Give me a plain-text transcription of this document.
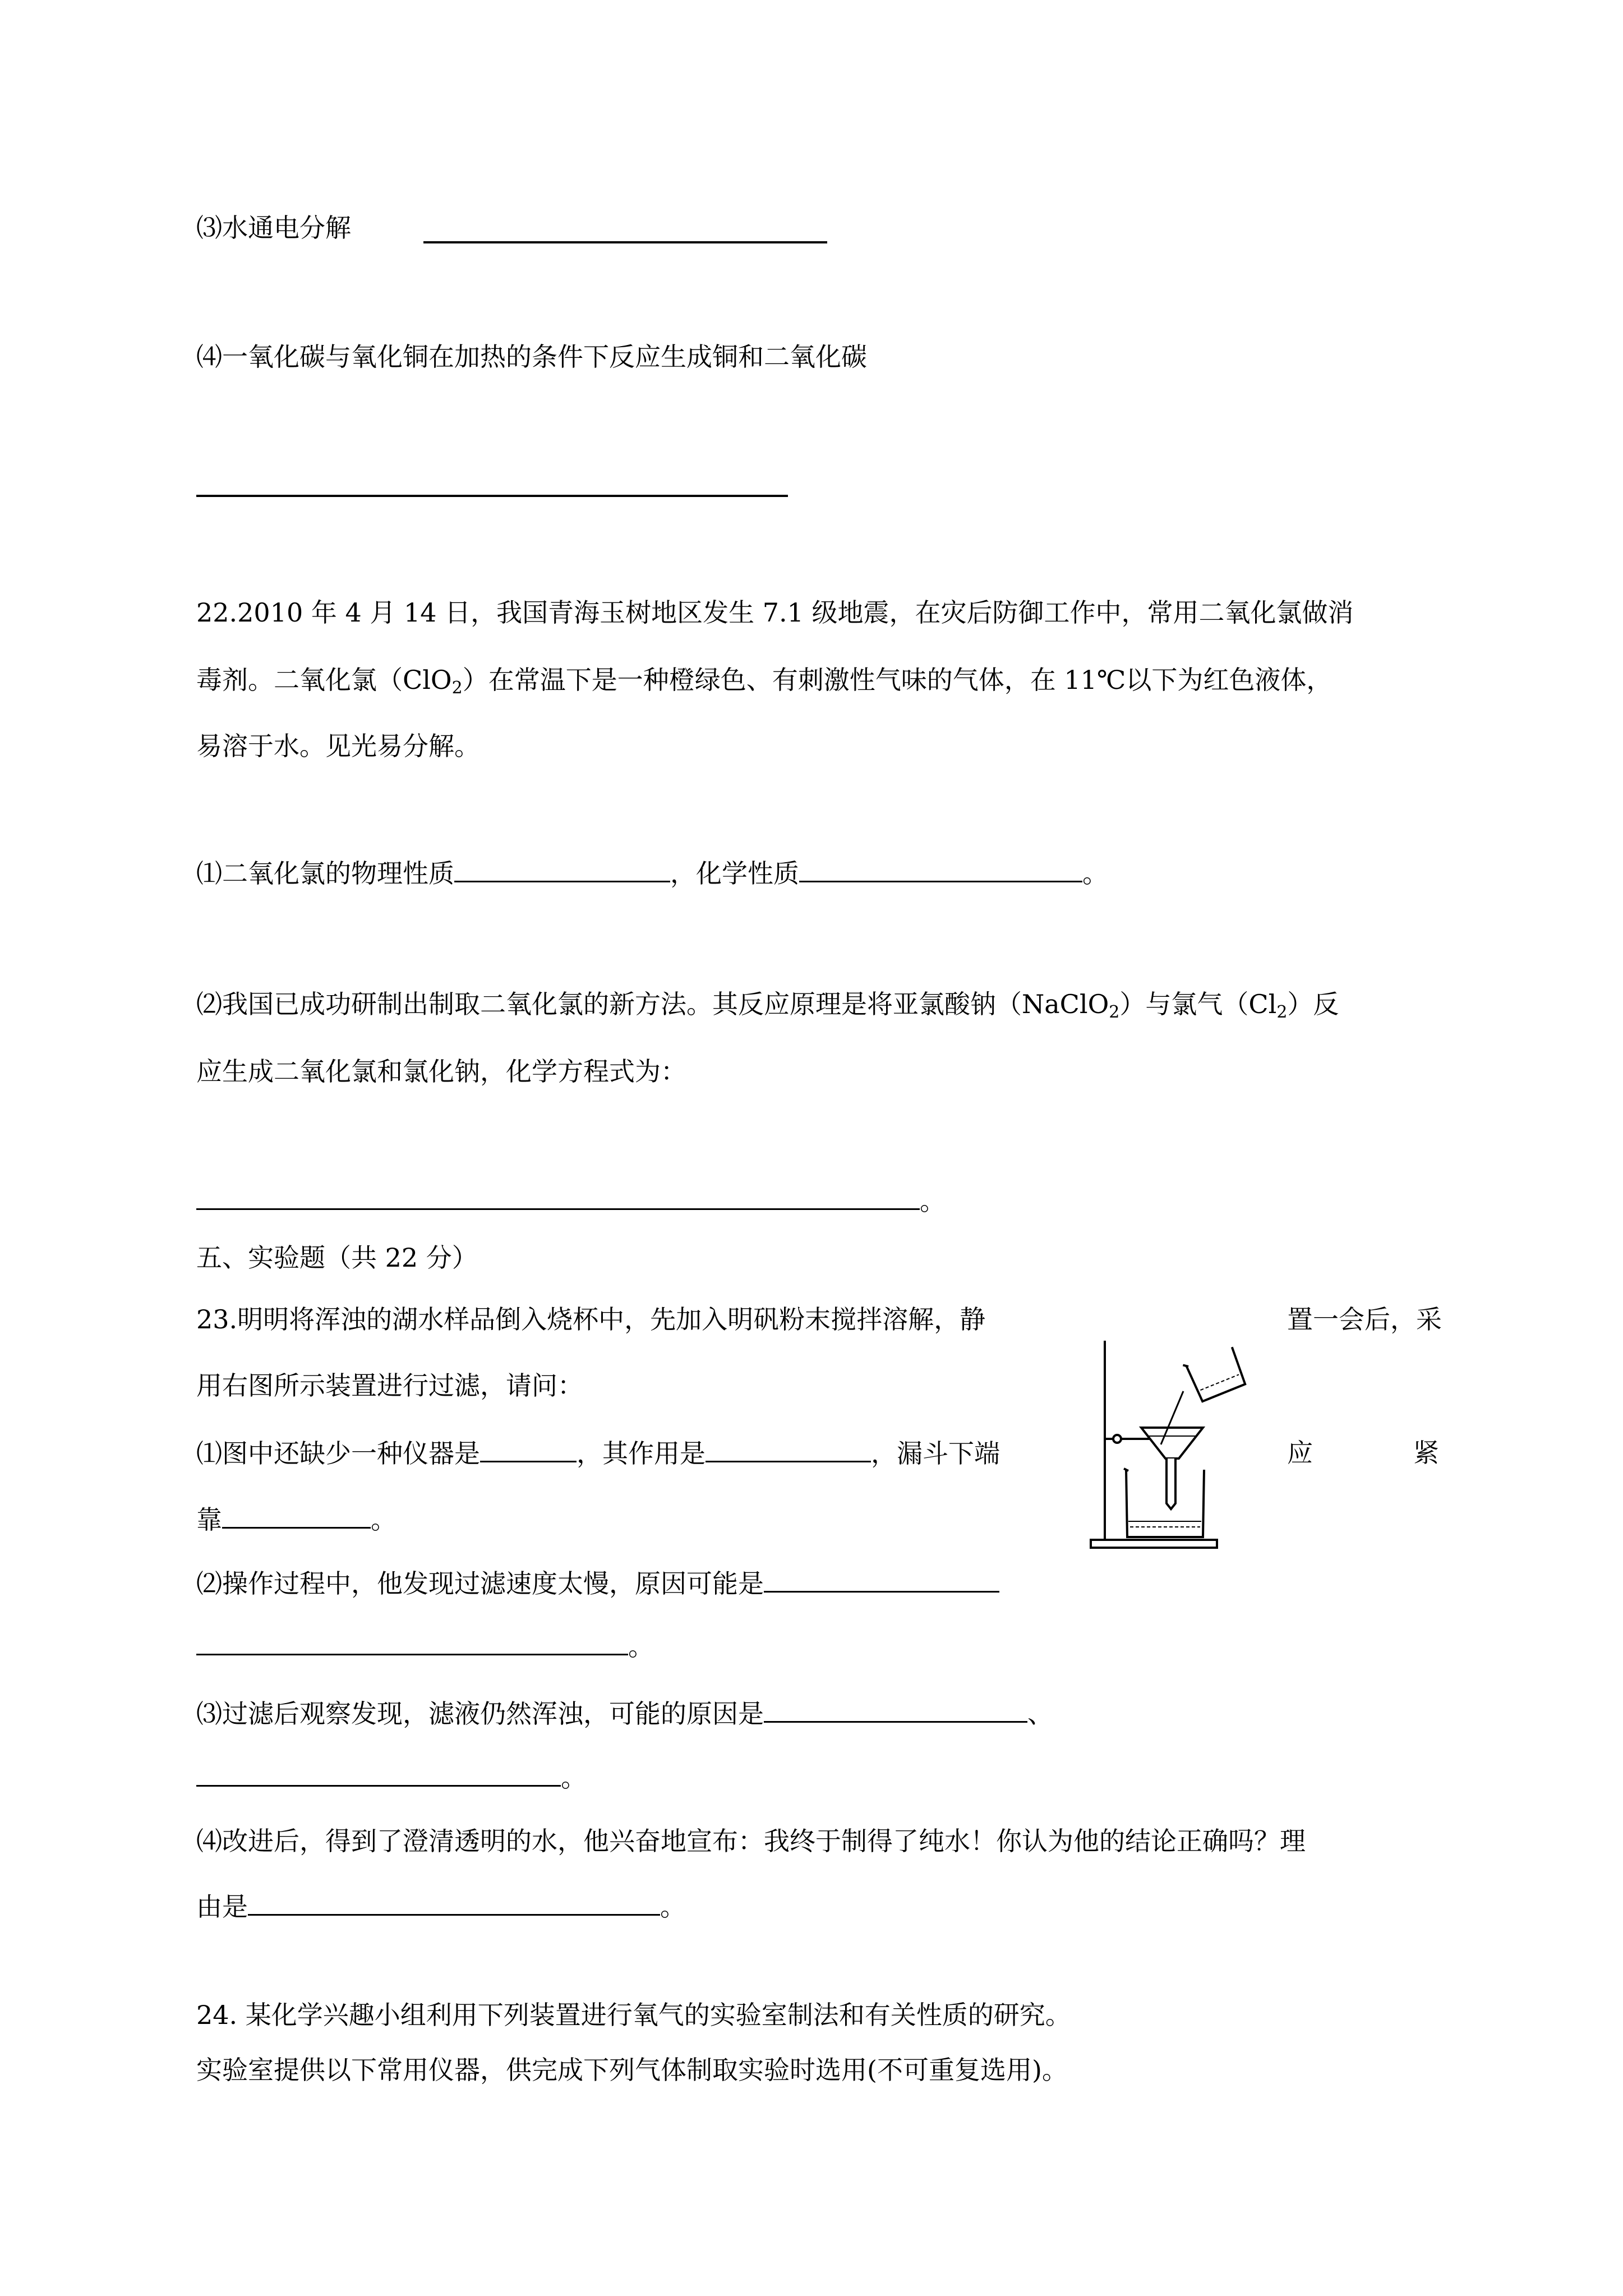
⑶水通电分解
⑷一氧化碳与氧化铜在加热的条件下反应生成铜和二氧化碳
22.2010 年 4 月 14 日，我国青海玉树地区发生 7.1 级地震，在灾后防御工作中，常用二氧化氯做消
毒剂。二氧化氯（ClO$_2$）在常温下是一种橙绿色、有刺激性气味的气体，在 11℃以下为红色液体，
易溶于水。见光易分解。
⑴二氧化氯的物理性质	，化学性质	。
⑵我国已成功研制出制取二氧化氯的新方法。其反应原理是将亚氯酸钠（NaClO$_2$）与氯气$(Cl_2)$反
应生成二氧化氯和氯化钠，化学方程式为：
。
五、实验题（共 22 分）
23.明明将浑浊的湖水样品倒入烧杯中，先加入明矾粉末搅拌溶解，静	置一会后，采
用右图所示装置进行过滤，请问：
⑴图中还缺少一种仪器是	，其作用是	，漏斗下端	应	紧
靠	。
⑵操作过程中，他发现过滤速度太慢，原因可能是
。
⑶过滤后观察发现，滤液仍然浑浊，可能的原因是	、
。
⑷改进后，得到了澄清透明的水，他兴奋地宣布：我终于制得了纯水！你认为他的结论正确吗？理
由是	。
24. 某化学兴趣小组利用下列装置进行氧气的实验室制法和有关性质的研究。
实验室提供以下常用仪器，供完成下列气体制取实验时选用(不可重复选用)。
